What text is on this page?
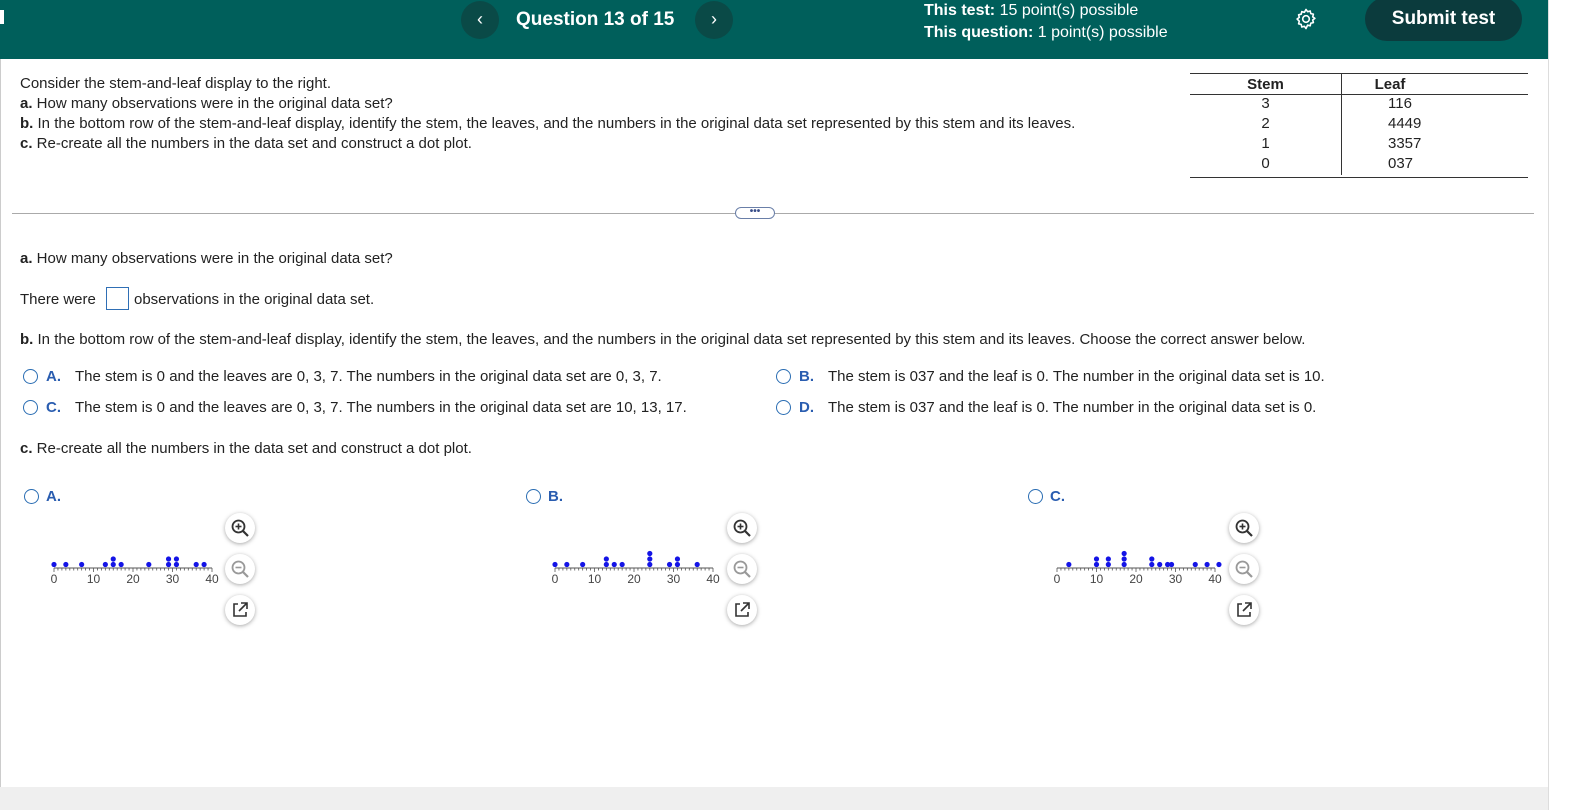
‹	Question 13 of 15	›	This test: 15 point(s) possible
This question: 1 point(s) possible
Submit test
Consider the stem-and-leaf display to the right.
a. How many observations were in the original data set?
b. In the bottom row of the stem-and-leaf display, identify the stem, the leaves, and the numbers in the original data set represented by this stem and its leaves.
c. Re-create all the numbers in the data set and construct a dot plot.
Stem	Leaf
3	116
2	4449
1	3357
0	037
•••
a. How many observations were in the original data set?
There were	observations in the original data set.
b. In the bottom row of the stem-and-leaf display, identify the stem, the leaves, and the numbers in the original data set represented by this stem and its leaves. Choose the correct answer below.
A. The stem is 0 and the leaves are 0, 3, 7. The numbers in the original data set are 0, 3, 7.	B. The stem is 037 and the leaf is 0. The number in the original data set is 10.
C. The stem is 0 and the leaves are 0, 3, 7. The numbers in the original data set are 10, 13, 17.	D. The stem is 037 and the leaf is 0. The number in the original data set is 0.
c. Re-create all the numbers in the data set and construct a dot plot.
A.
0 10 20 30 40
B.
0 10 20 30 40
C.
0 10 20 30 40
